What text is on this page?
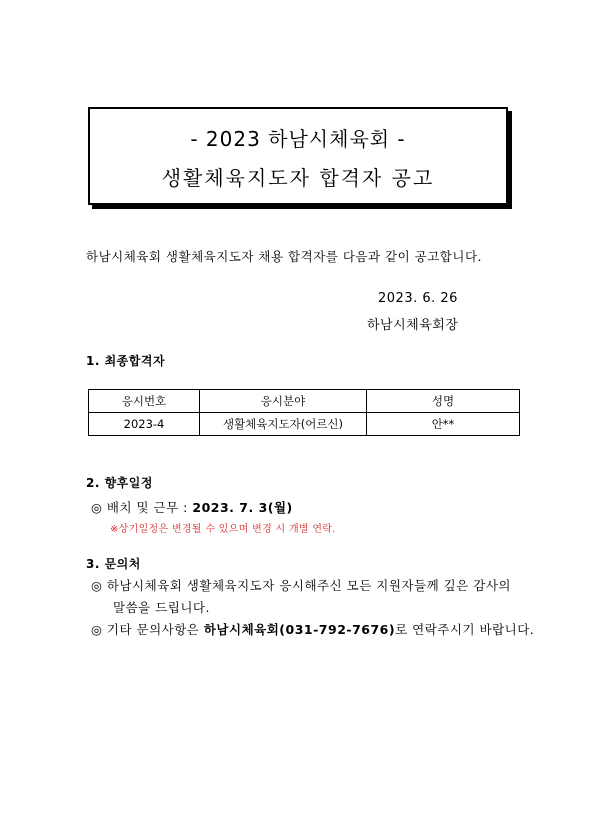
- 2023 하남시체육회 -
생활체육지도자 합격자 공고
하남시체육회 생활체육지도자 채용 합격자를 다음과 같이 공고합니다.
2023. 6. 26
하남시체육회장
1. 최종합격자
응시번호	응시분야	성명
2023-4	생활체육지도자(어르신)	안**
2. 향후일정
◎ 배치 및 근무 : 2023. 7. 3(월)
※상기일정은 변경될 수 있으며 변경 시 개별 연락.
3. 문의처
◎ 하남시체육회 생활체육지도자 응시해주신 모든 지원자들께 깊은 감사의
말씀을 드립니다.
◎ 기타 문의사항은 하남시체육회(031-792-7676)로 연락주시기 바랍니다.
